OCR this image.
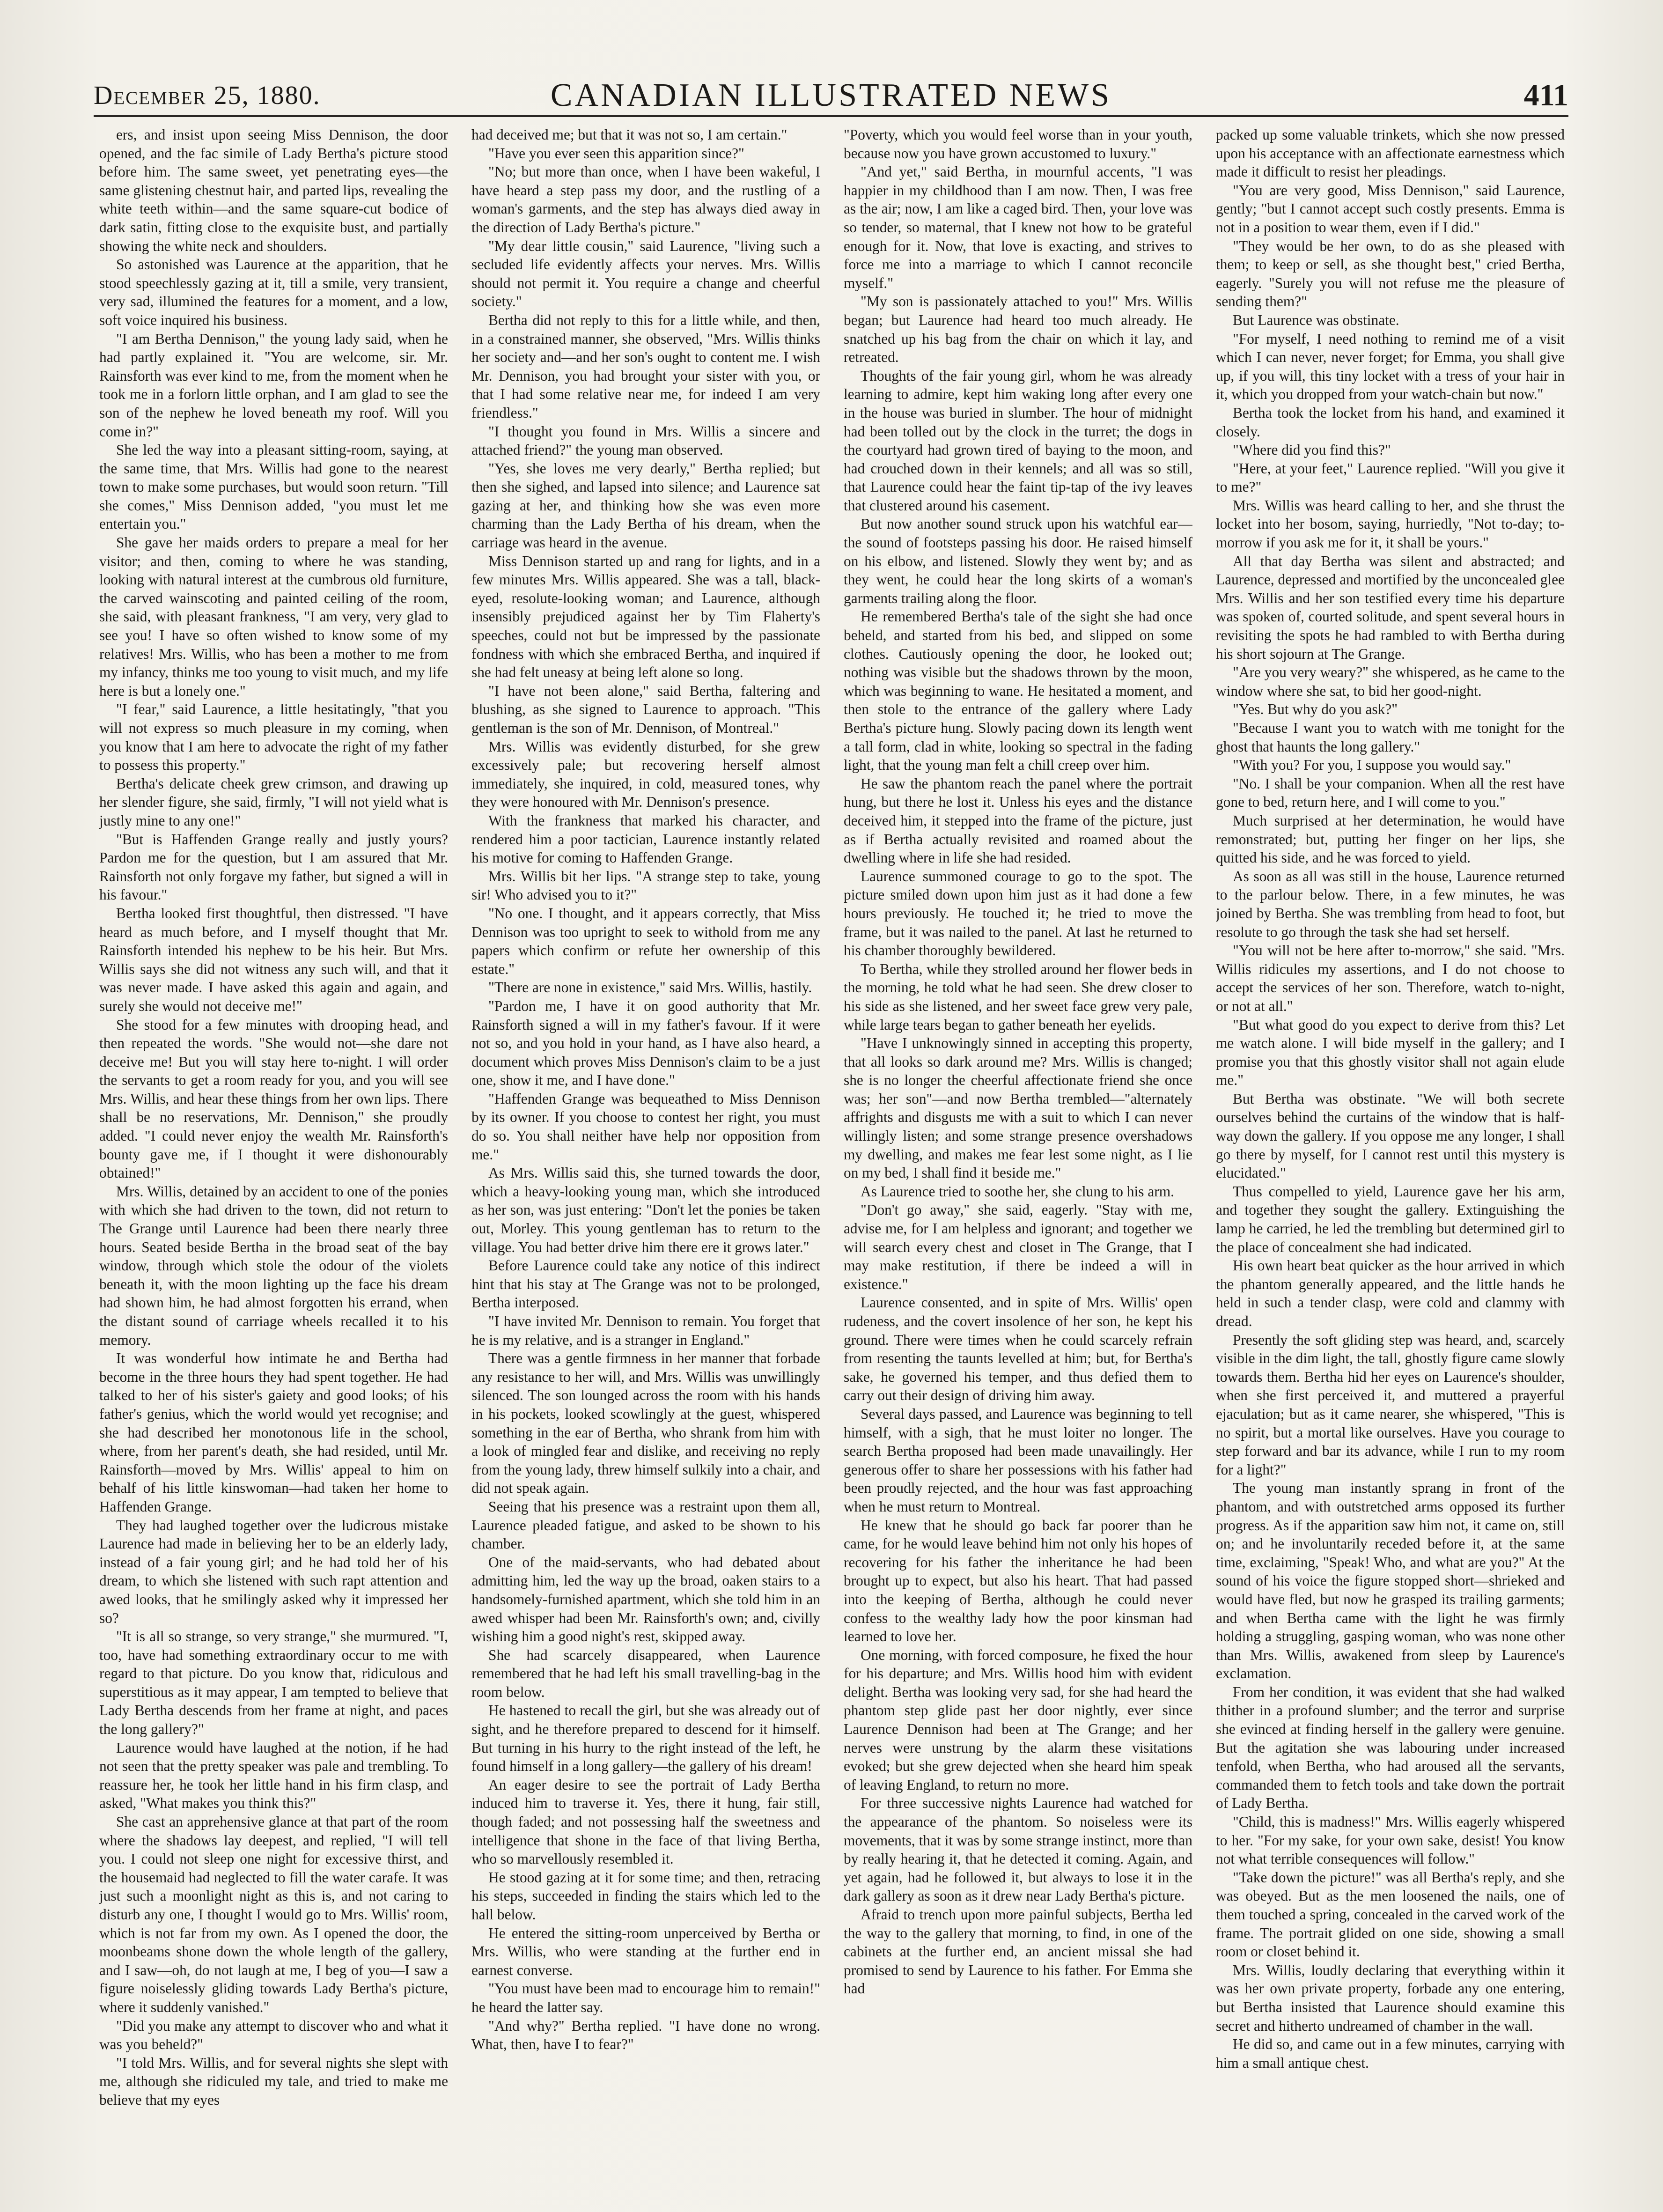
December 25, 1880.	CANADIAN ILLUSTRATED NEWS	411

ers, and insist upon seeing Miss Dennison, the door opened, and the fac simile of Lady Bertha's picture stood before him. The same sweet, yet penetrating eyes—the same glistening chestnut hair, and parted lips, revealing the white teeth within—and the same square-cut bodice of dark satin, fitting close to the exquisite bust, and partially showing the white neck and shoulders.

So astonished was Laurence at the apparition, that he stood speechlessly gazing at it, till a smile, very transient, very sad, illumined the features for a moment, and a low, soft voice inquired his business.

"I am Bertha Dennison," the young lady said, when he had partly explained it. "You are welcome, sir. Mr. Rainsforth was ever kind to me, from the moment when he took me in a forlorn little orphan, and I am glad to see the son of the nephew he loved beneath my roof. Will you come in?"

She led the way into a pleasant sitting-room, saying, at the same time, that Mrs. Willis had gone to the nearest town to make some purchases, but would soon return. "Till she comes," Miss Dennison added, "you must let me entertain you."

She gave her maids orders to prepare a meal for her visitor; and then, coming to where he was standing, looking with natural interest at the cumbrous old furniture, the carved wainscoting and painted ceiling of the room, she said, with pleasant frankness, "I am very, very glad to see you! I have so often wished to know some of my relatives! Mrs. Willis, who has been a mother to me from my infancy, thinks me too young to visit much, and my life here is but a lonely one."

"I fear," said Laurence, a little hesitatingly, "that you will not express so much pleasure in my coming, when you know that I am here to advocate the right of my father to possess this property."

Bertha's delicate cheek grew crimson, and drawing up her slender figure, she said, firmly, "I will not yield what is justly mine to any one!"

"But is Haffenden Grange really and justly yours? Pardon me for the question, but I am assured that Mr. Rainsforth not only forgave my father, but signed a will in his favour."

Bertha looked first thoughtful, then distressed. "I have heard as much before, and I myself thought that Mr. Rainsforth intended his nephew to be his heir. But Mrs. Willis says she did not witness any such will, and that it was never made. I have asked this again and again, and surely she would not deceive me!"

She stood for a few minutes with drooping head, and then repeated the words. "She would not—she dare not deceive me! But you will stay here to-night. I will order the servants to get a room ready for you, and you will see Mrs. Willis, and hear these things from her own lips. There shall be no reservations, Mr. Dennison," she proudly added. "I could never enjoy the wealth Mr. Rainsforth's bounty gave me, if I thought it were dishonourably obtained!"

Mrs. Willis, detained by an accident to one of the ponies with which she had driven to the town, did not return to The Grange until Laurence had been there nearly three hours. Seated beside Bertha in the broad seat of the bay window, through which stole the odour of the violets beneath it, with the moon lighting up the face his dream had shown him, he had almost forgotten his errand, when the distant sound of carriage wheels recalled it to his memory.

It was wonderful how intimate he and Bertha had become in the three hours they had spent together. He had talked to her of his sister's gaiety and good looks; of his father's genius, which the world would yet recognise; and she had described her monotonous life in the school, where, from her parent's death, she had resided, until Mr. Rainsforth—moved by Mrs. Willis' appeal to him on behalf of his little kinswoman—had taken her home to Haffenden Grange.

They had laughed together over the ludicrous mistake Laurence had made in believing her to be an elderly lady, instead of a fair young girl; and he had told her of his dream, to which she listened with such rapt attention and awed looks, that he smilingly asked why it impressed her so?

"It is all so strange, so very strange," she murmured. "I, too, have had something extraordinary occur to me with regard to that picture. Do you know that, ridiculous and superstitious as it may appear, I am tempted to believe that Lady Bertha descends from her frame at night, and paces the long gallery?"

Laurence would have laughed at the notion, if he had not seen that the pretty speaker was pale and trembling. To reassure her, he took her little hand in his firm clasp, and asked, "What makes you think this?"

She cast an apprehensive glance at that part of the room where the shadows lay deepest, and replied, "I will tell you. I could not sleep one night for excessive thirst, and the housemaid had neglected to fill the water carafe. It was just such a moonlight night as this is, and not caring to disturb any one, I thought I would go to Mrs. Willis' room, which is not far from my own. As I opened the door, the moonbeams shone down the whole length of the gallery, and I saw—oh, do not laugh at me, I beg of you—I saw a figure noiselessly gliding towards Lady Bertha's picture, where it suddenly vanished."

"Did you make any attempt to discover who and what it was you beheld?"

"I told Mrs. Willis, and for several nights she slept with me, although she ridiculed my tale, and tried to make me believe that my eyes

had deceived me; but that it was not so, I am certain."

"Have you ever seen this apparition since?"

"No; but more than once, when I have been wakeful, I have heard a step pass my door, and the rustling of a woman's garments, and the step has always died away in the direction of Lady Bertha's picture."

"My dear little cousin," said Laurence, "living such a secluded life evidently affects your nerves. Mrs. Willis should not permit it. You require a change and cheerful society."

Bertha did not reply to this for a little while, and then, in a constrained manner, she observed, "Mrs. Willis thinks her society and—and her son's ought to content me. I wish Mr. Dennison, you had brought your sister with you, or that I had some relative near me, for indeed I am very friendless."

"I thought you found in Mrs. Willis a sincere and attached friend?" the young man observed.

"Yes, she loves me very dearly," Bertha replied; but then she sighed, and lapsed into silence; and Laurence sat gazing at her, and thinking how she was even more charming than the Lady Bertha of his dream, when the carriage was heard in the avenue.

Miss Dennison started up and rang for lights, and in a few minutes Mrs. Willis appeared. She was a tall, black-eyed, resolute-looking woman; and Laurence, although insensibly prejudiced against her by Tim Flaherty's speeches, could not but be impressed by the passionate fondness with which she embraced Bertha, and inquired if she had felt uneasy at being left alone so long.

"I have not been alone," said Bertha, faltering and blushing, as she signed to Laurence to approach. "This gentleman is the son of Mr. Dennison, of Montreal."

Mrs. Willis was evidently disturbed, for she grew excessively pale; but recovering herself almost immediately, she inquired, in cold, measured tones, why they were honoured with Mr. Dennison's presence.

With the frankness that marked his character, and rendered him a poor tactician, Laurence instantly related his motive for coming to Haffenden Grange.

Mrs. Willis bit her lips. "A strange step to take, young sir! Who advised you to it?"

"No one. I thought, and it appears correctly, that Miss Dennison was too upright to seek to withold from me any papers which confirm or refute her ownership of this estate."

"There are none in existence," said Mrs. Willis, hastily.

"Pardon me, I have it on good authority that Mr. Rainsforth signed a will in my father's favour. If it were not so, and you hold in your hand, as I have also heard, a document which proves Miss Dennison's claim to be a just one, show it me, and I have done."

"Haffenden Grange was bequeathed to Miss Dennison by its owner. If you choose to contest her right, you must do so. You shall neither have help nor opposition from me."

As Mrs. Willis said this, she turned towards the door, which a heavy-looking young man, which she introduced as her son, was just entering: "Don't let the ponies be taken out, Morley. This young gentleman has to return to the village. You had better drive him there ere it grows later."

Before Laurence could take any notice of this indirect hint that his stay at The Grange was not to be prolonged, Bertha interposed.

"I have invited Mr. Dennison to remain. You forget that he is my relative, and is a stranger in England."

There was a gentle firmness in her manner that forbade any resistance to her will, and Mrs. Willis was unwillingly silenced. The son lounged across the room with his hands in his pockets, looked scowlingly at the guest, whispered something in the ear of Bertha, who shrank from him with a look of mingled fear and dislike, and receiving no reply from the young lady, threw himself sulkily into a chair, and did not speak again.

Seeing that his presence was a restraint upon them all, Laurence pleaded fatigue, and asked to be shown to his chamber.

One of the maid-servants, who had debated about admitting him, led the way up the broad, oaken stairs to a handsomely-furnished apartment, which she told him in an awed whisper had been Mr. Rainsforth's own; and, civilly wishing him a good night's rest, skipped away.

She had scarcely disappeared, when Laurence remembered that he had left his small travelling-bag in the room below.

He hastened to recall the girl, but she was already out of sight, and he therefore prepared to descend for it himself. But turning in his hurry to the right instead of the left, he found himself in a long gallery—the gallery of his dream!

An eager desire to see the portrait of Lady Bertha induced him to traverse it. Yes, there it hung, fair still, though faded; and not possessing half the sweetness and intelligence that shone in the face of that living Bertha, who so marvellously resembled it.

He stood gazing at it for some time; and then, retracing his steps, succeeded in finding the stairs which led to the hall below.

He entered the sitting-room unperceived by Bertha or Mrs. Willis, who were standing at the further end in earnest converse.

"You must have been mad to encourage him to remain!" he heard the latter say.

"And why?" Bertha replied. "I have done no wrong. What, then, have I to fear?"

"Poverty, which you would feel worse than in your youth, because now you have grown accustomed to luxury."

"And yet," said Bertha, in mournful accents, "I was happier in my childhood than I am now. Then, I was free as the air; now, I am like a caged bird. Then, your love was so tender, so maternal, that I knew not how to be grateful enough for it. Now, that love is exacting, and strives to force me into a marriage to which I cannot reconcile myself."

"My son is passionately attached to you!" Mrs. Willis began; but Laurence had heard too much already. He snatched up his bag from the chair on which it lay, and retreated.

Thoughts of the fair young girl, whom he was already learning to admire, kept him waking long after every one in the house was buried in slumber. The hour of midnight had been tolled out by the clock in the turret; the dogs in the courtyard had grown tired of baying to the moon, and had crouched down in their kennels; and all was so still, that Laurence could hear the faint tip-tap of the ivy leaves that clustered around his casement.

But now another sound struck upon his watchful ear—the sound of footsteps passing his door. He raised himself on his elbow, and listened. Slowly they went by; and as they went, he could hear the long skirts of a woman's garments trailing along the floor.

He remembered Bertha's tale of the sight she had once beheld, and started from his bed, and slipped on some clothes. Cautiously opening the door, he looked out; nothing was visible but the shadows thrown by the moon, which was beginning to wane. He hesitated a moment, and then stole to the entrance of the gallery where Lady Bertha's picture hung. Slowly pacing down its length went a tall form, clad in white, looking so spectral in the fading light, that the young man felt a chill creep over him.

He saw the phantom reach the panel where the portrait hung, but there he lost it. Unless his eyes and the distance deceived him, it stepped into the frame of the picture, just as if Bertha actually revisited and roamed about the dwelling where in life she had resided.

Laurence summoned courage to go to the spot. The picture smiled down upon him just as it had done a few hours previously. He touched it; he tried to move the frame, but it was nailed to the panel. At last he returned to his chamber thoroughly bewildered.

To Bertha, while they strolled around her flower beds in the morning, he told what he had seen. She drew closer to his side as she listened, and her sweet face grew very pale, while large tears began to gather beneath her eyelids.

"Have I unknowingly sinned in accepting this property, that all looks so dark around me? Mrs. Willis is changed; she is no longer the cheerful affectionate friend she once was; her son"—and now Bertha trembled—"alternately affrights and disgusts me with a suit to which I can never willingly listen; and some strange presence overshadows my dwelling, and makes me fear lest some night, as I lie on my bed, I shall find it beside me."

As Laurence tried to soothe her, she clung to his arm.

"Don't go away," she said, eagerly. "Stay with me, advise me, for I am helpless and ignorant; and together we will search every chest and closet in The Grange, that I may make restitution, if there be indeed a will in existence."

Laurence consented, and in spite of Mrs. Willis' open rudeness, and the covert insolence of her son, he kept his ground. There were times when he could scarcely refrain from resenting the taunts levelled at him; but, for Bertha's sake, he governed his temper, and thus defied them to carry out their design of driving him away.

Several days passed, and Laurence was beginning to tell himself, with a sigh, that he must loiter no longer. The search Bertha proposed had been made unavailingly. Her generous offer to share her possessions with his father had been proudly rejected, and the hour was fast approaching when he must return to Montreal.

He knew that he should go back far poorer than he came, for he would leave behind him not only his hopes of recovering for his father the inheritance he had been brought up to expect, but also his heart. That had passed into the keeping of Bertha, although he could never confess to the wealthy lady how the poor kinsman had learned to love her.

One morning, with forced composure, he fixed the hour for his departure; and Mrs. Willis hood him with evident delight. Bertha was looking very sad, for she had heard the phantom step glide past her door nightly, ever since Laurence Dennison had been at The Grange; and her nerves were unstrung by the alarm these visitations evoked; but she grew dejected when she heard him speak of leaving England, to return no more.

For three successive nights Laurence had watched for the appearance of the phantom. So noiseless were its movements, that it was by some strange instinct, more than by really hearing it, that he detected it coming. Again, and yet again, had he followed it, but always to lose it in the dark gallery as soon as it drew near Lady Bertha's picture.

Afraid to trench upon more painful subjects, Bertha led the way to the gallery that morning, to find, in one of the cabinets at the further end, an ancient missal she had promised to send by Laurence to his father. For Emma she had

packed up some valuable trinkets, which she now pressed upon his acceptance with an affectionate earnestness which made it difficult to resist her pleadings.

"You are very good, Miss Dennison," said Laurence, gently; "but I cannot accept such costly presents. Emma is not in a position to wear them, even if I did."

"They would be her own, to do as she pleased with them; to keep or sell, as she thought best," cried Bertha, eagerly. "Surely you will not refuse me the pleasure of sending them?"

But Laurence was obstinate.

"For myself, I need nothing to remind me of a visit which I can never, never forget; for Emma, you shall give up, if you will, this tiny locket with a tress of your hair in it, which you dropped from your watch-chain but now."

Bertha took the locket from his hand, and examined it closely.

"Where did you find this?"

"Here, at your feet," Laurence replied. "Will you give it to me?"

Mrs. Willis was heard calling to her, and she thrust the locket into her bosom, saying, hurriedly, "Not to-day; to-morrow if you ask me for it, it shall be yours."

All that day Bertha was silent and abstracted; and Laurence, depressed and mortified by the unconcealed glee Mrs. Willis and her son testified every time his departure was spoken of, courted solitude, and spent several hours in revisiting the spots he had rambled to with Bertha during his short sojourn at The Grange.

"Are you very weary?" she whispered, as he came to the window where she sat, to bid her good-night.

"Yes. But why do you ask?"

"Because I want you to watch with me tonight for the ghost that haunts the long gallery."

"With you? For you, I suppose you would say."

"No. I shall be your companion. When all the rest have gone to bed, return here, and I will come to you."

Much surprised at her determination, he would have remonstrated; but, putting her finger on her lips, she quitted his side, and he was forced to yield.

As soon as all was still in the house, Laurence returned to the parlour below. There, in a few minutes, he was joined by Bertha. She was trembling from head to foot, but resolute to go through the task she had set herself.

"You will not be here after to-morrow," she said. "Mrs. Willis ridicules my assertions, and I do not choose to accept the services of her son. Therefore, watch to-night, or not at all."

"But what good do you expect to derive from this? Let me watch alone. I will bide myself in the gallery; and I promise you that this ghostly visitor shall not again elude me."

But Bertha was obstinate. "We will both secrete ourselves behind the curtains of the window that is half-way down the gallery. If you oppose me any longer, I shall go there by myself, for I cannot rest until this mystery is elucidated."

Thus compelled to yield, Laurence gave her his arm, and together they sought the gallery. Extinguishing the lamp he carried, he led the trembling but determined girl to the place of concealment she had indicated.

His own heart beat quicker as the hour arrived in which the phantom generally appeared, and the little hands he held in such a tender clasp, were cold and clammy with dread.

Presently the soft gliding step was heard, and, scarcely visible in the dim light, the tall, ghostly figure came slowly towards them. Bertha hid her eyes on Laurence's shoulder, when she first perceived it, and muttered a prayerful ejaculation; but as it came nearer, she whispered, "This is no spirit, but a mortal like ourselves. Have you courage to step forward and bar its advance, while I run to my room for a light?"

The young man instantly sprang in front of the phantom, and with outstretched arms opposed its further progress. As if the apparition saw him not, it came on, still on; and he involuntarily receded before it, at the same time, exclaiming, "Speak! Who, and what are you?" At the sound of his voice the figure stopped short—shrieked and would have fled, but now he grasped its trailing garments; and when Bertha came with the light he was firmly holding a struggling, gasping woman, who was none other than Mrs. Willis, awakened from sleep by Laurence's exclamation.

From her condition, it was evident that she had walked thither in a profound slumber; and the terror and surprise she evinced at finding herself in the gallery were genuine. But the agitation she was labouring under increased tenfold, when Bertha, who had aroused all the servants, commanded them to fetch tools and take down the portrait of Lady Bertha.

"Child, this is madness!" Mrs. Willis eagerly whispered to her. "For my sake, for your own sake, desist! You know not what terrible consequences will follow."

"Take down the picture!" was all Bertha's reply, and she was obeyed. But as the men loosened the nails, one of them touched a spring, concealed in the carved work of the frame. The portrait glided on one side, showing a small room or closet behind it.

Mrs. Willis, loudly declaring that everything within it was her own private property, forbade any one entering, but Bertha insisted that Laurence should examine this secret and hitherto undreamed of chamber in the wall.

He did so, and came out in a few minutes, carrying with him a small antique chest.
